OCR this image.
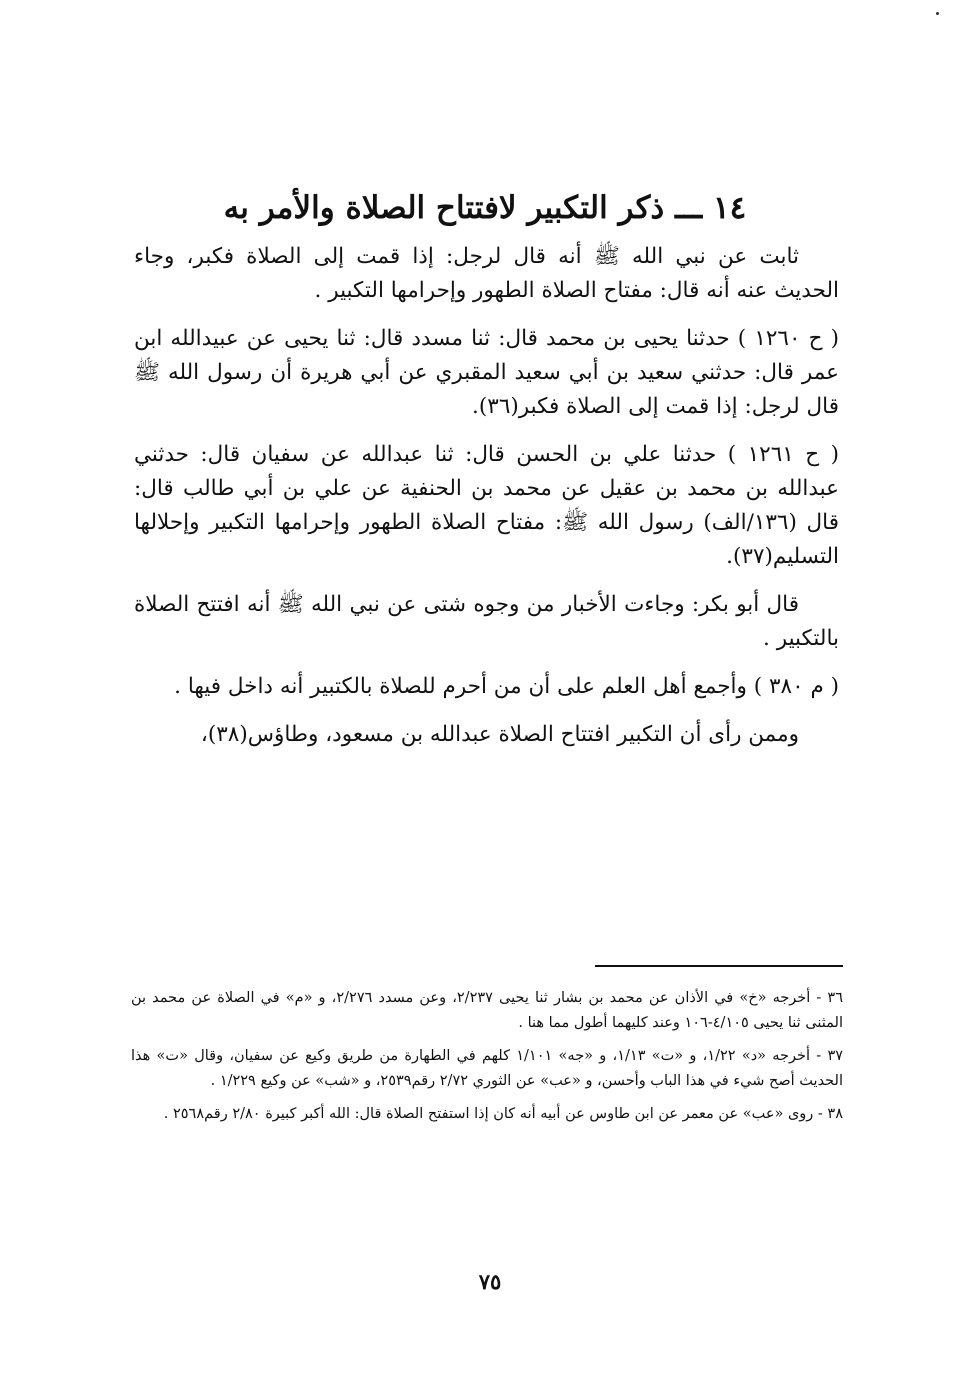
١٤ ـــ ذكر التكبير لافتتاح الصلاة والأمر به

ثابت عن نبي الله ﷺ أنه قال لرجل: إذا قمت إلى الصلاة فكبر، وجاء الحديث عنه أنه قال: مفتاح الصلاة الطهور وإحرامها التكبير .

( ح ١٢٦٠ ) حدثنا يحيى بن محمد قال: ثنا مسدد قال: ثنا يحيى عن عبيدالله ابن عمر قال: حدثني سعيد بن أبي سعيد المقبري عن أبي هريرة أن رسول الله ﷺ قال لرجل: إذا قمت إلى الصلاة فكبر(٣٦).

( ح ١٢٦١ ) حدثنا علي بن الحسن قال: ثنا عبدالله عن سفيان قال: حدثني عبدالله بن محمد بن عقيل عن محمد بن الحنفية عن علي بن أبي طالب قال: قال (١٣٦/الف) رسول الله ﷺ: مفتاح الصلاة الطهور وإحرامها التكبير وإحلالها التسليم(٣٧).

قال أبو بكر: وجاءت الأخبار من وجوه شتى عن نبي الله ﷺ أنه افتتح الصلاة بالتكبير .

( م ٣٨٠ ) وأجمع أهل العلم على أن من أحرم للصلاة بالكتبير أنه داخل فيها .

وممن رأى أن التكبير افتتاح الصلاة عبدالله بن مسعود، وطاؤس(٣٨)،

٣٦ - أخرجه «خ» في الأذان عن محمد بن بشار ثنا يحيى ٢/٢٣٧، وعن مسدد ٢/٢٧٦، و «م» في الصلاة عن محمد بن المثنى ثنا يحيى ٤/١٠٥-١٠٦ وعند كليهما أطول مما هنا .

٣٧ - أخرجه «د» ١/٢٢، و «ت» ١/١٣، و «جه» ١/١٠١ كلهم في الطهارة من طريق وكيع عن سفيان، وقال «ت» هذا الحديث أصح شيء في هذا الباب وأحسن، و «عب» عن الثوري ٢/٧٢ رقم٢٥٣٩، و «شب» عن وكيع ١/٢٢٩ .

٣٨ - روى «عب» عن معمر عن ابن طاوس عن أبيه أنه كان إذا استفتح الصلاة قال: الله أكبر كبيرة ٢/٨٠ رقم٢٥٦٨ .

٧٥
